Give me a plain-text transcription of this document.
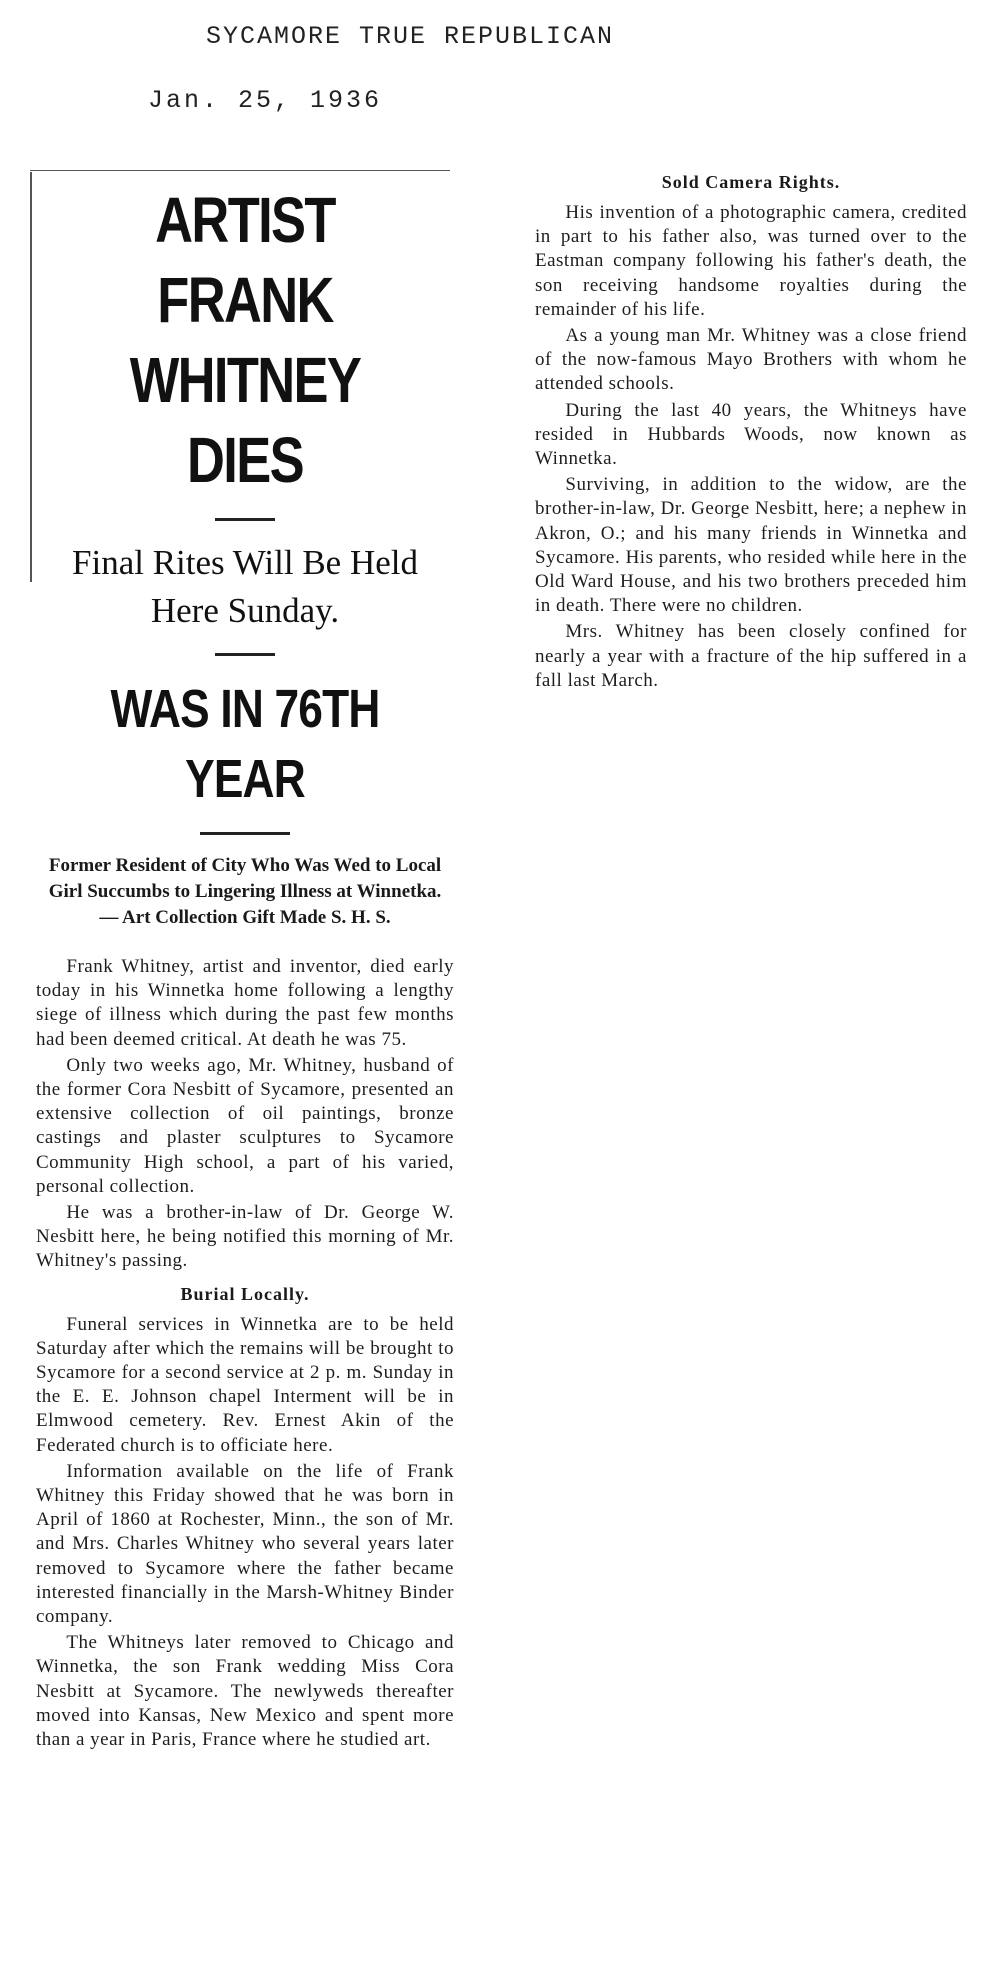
SYCAMORE TRUE REPUBLICAN
Jan. 25, 1936
ARTIST FRANK WHITNEY DIES
Final Rites Will Be Held Here Sunday.
WAS IN 76TH YEAR
Former Resident of City Who Was Wed to Local Girl Succumbs to Lingering Illness at Winnetka. — Art Collection Gift Made S. H. S.

Frank Whitney, artist and inventor, died early today in his Winnetka home following a lengthy siege of illness which during the past few months had been deemed critical. At death he was 75.

Only two weeks ago, Mr. Whitney, husband of the former Cora Nesbitt of Sycamore, presented an extensive collection of oil paintings, bronze castings and plaster sculptures to Sycamore Community High school, a part of his varied, personal collection.

He was a brother-in-law of Dr. George W. Nesbitt here, he being notified this morning of Mr. Whitney's passing.

Burial Locally.

Funeral services in Winnetka are to be held Saturday after which the remains will be brought to Sycamore for a second service at 2 p. m. Sunday in the E. E. Johnson chapel Interment will be in Elmwood cemetery. Rev. Ernest Akin of the Federated church is to officiate here.

Information available on the life of Frank Whitney this Friday showed that he was born in April of 1860 at Rochester, Minn., the son of Mr. and Mrs. Charles Whitney who several years later removed to Sycamore where the father became interested financially in the Marsh-Whitney Binder company.

The Whitneys later removed to Chicago and Winnetka, the son Frank wedding Miss Cora Nesbitt at Sycamore. The newlyweds thereafter moved into Kansas, New Mexico and spent more than a year in Paris, France where he studied art.

Sold Camera Rights.

His invention of a photographic camera, credited in part to his father also, was turned over to the Eastman company following his father's death, the son receiving handsome royalties during the remainder of his life.

As a young man Mr. Whitney was a close friend of the now-famous Mayo Brothers with whom he attended schools.

During the last 40 years, the Whitneys have resided in Hubbards Woods, now known as Winnetka.

Surviving, in addition to the widow, are the brother-in-law, Dr. George Nesbitt, here; a nephew in Akron, O.; and his many friends in Winnetka and Sycamore. His parents, who resided while here in the Old Ward House, and his two brothers preceded him in death. There were no children.

Mrs. Whitney has been closely confined for nearly a year with a fracture of the hip suffered in a fall last March.
